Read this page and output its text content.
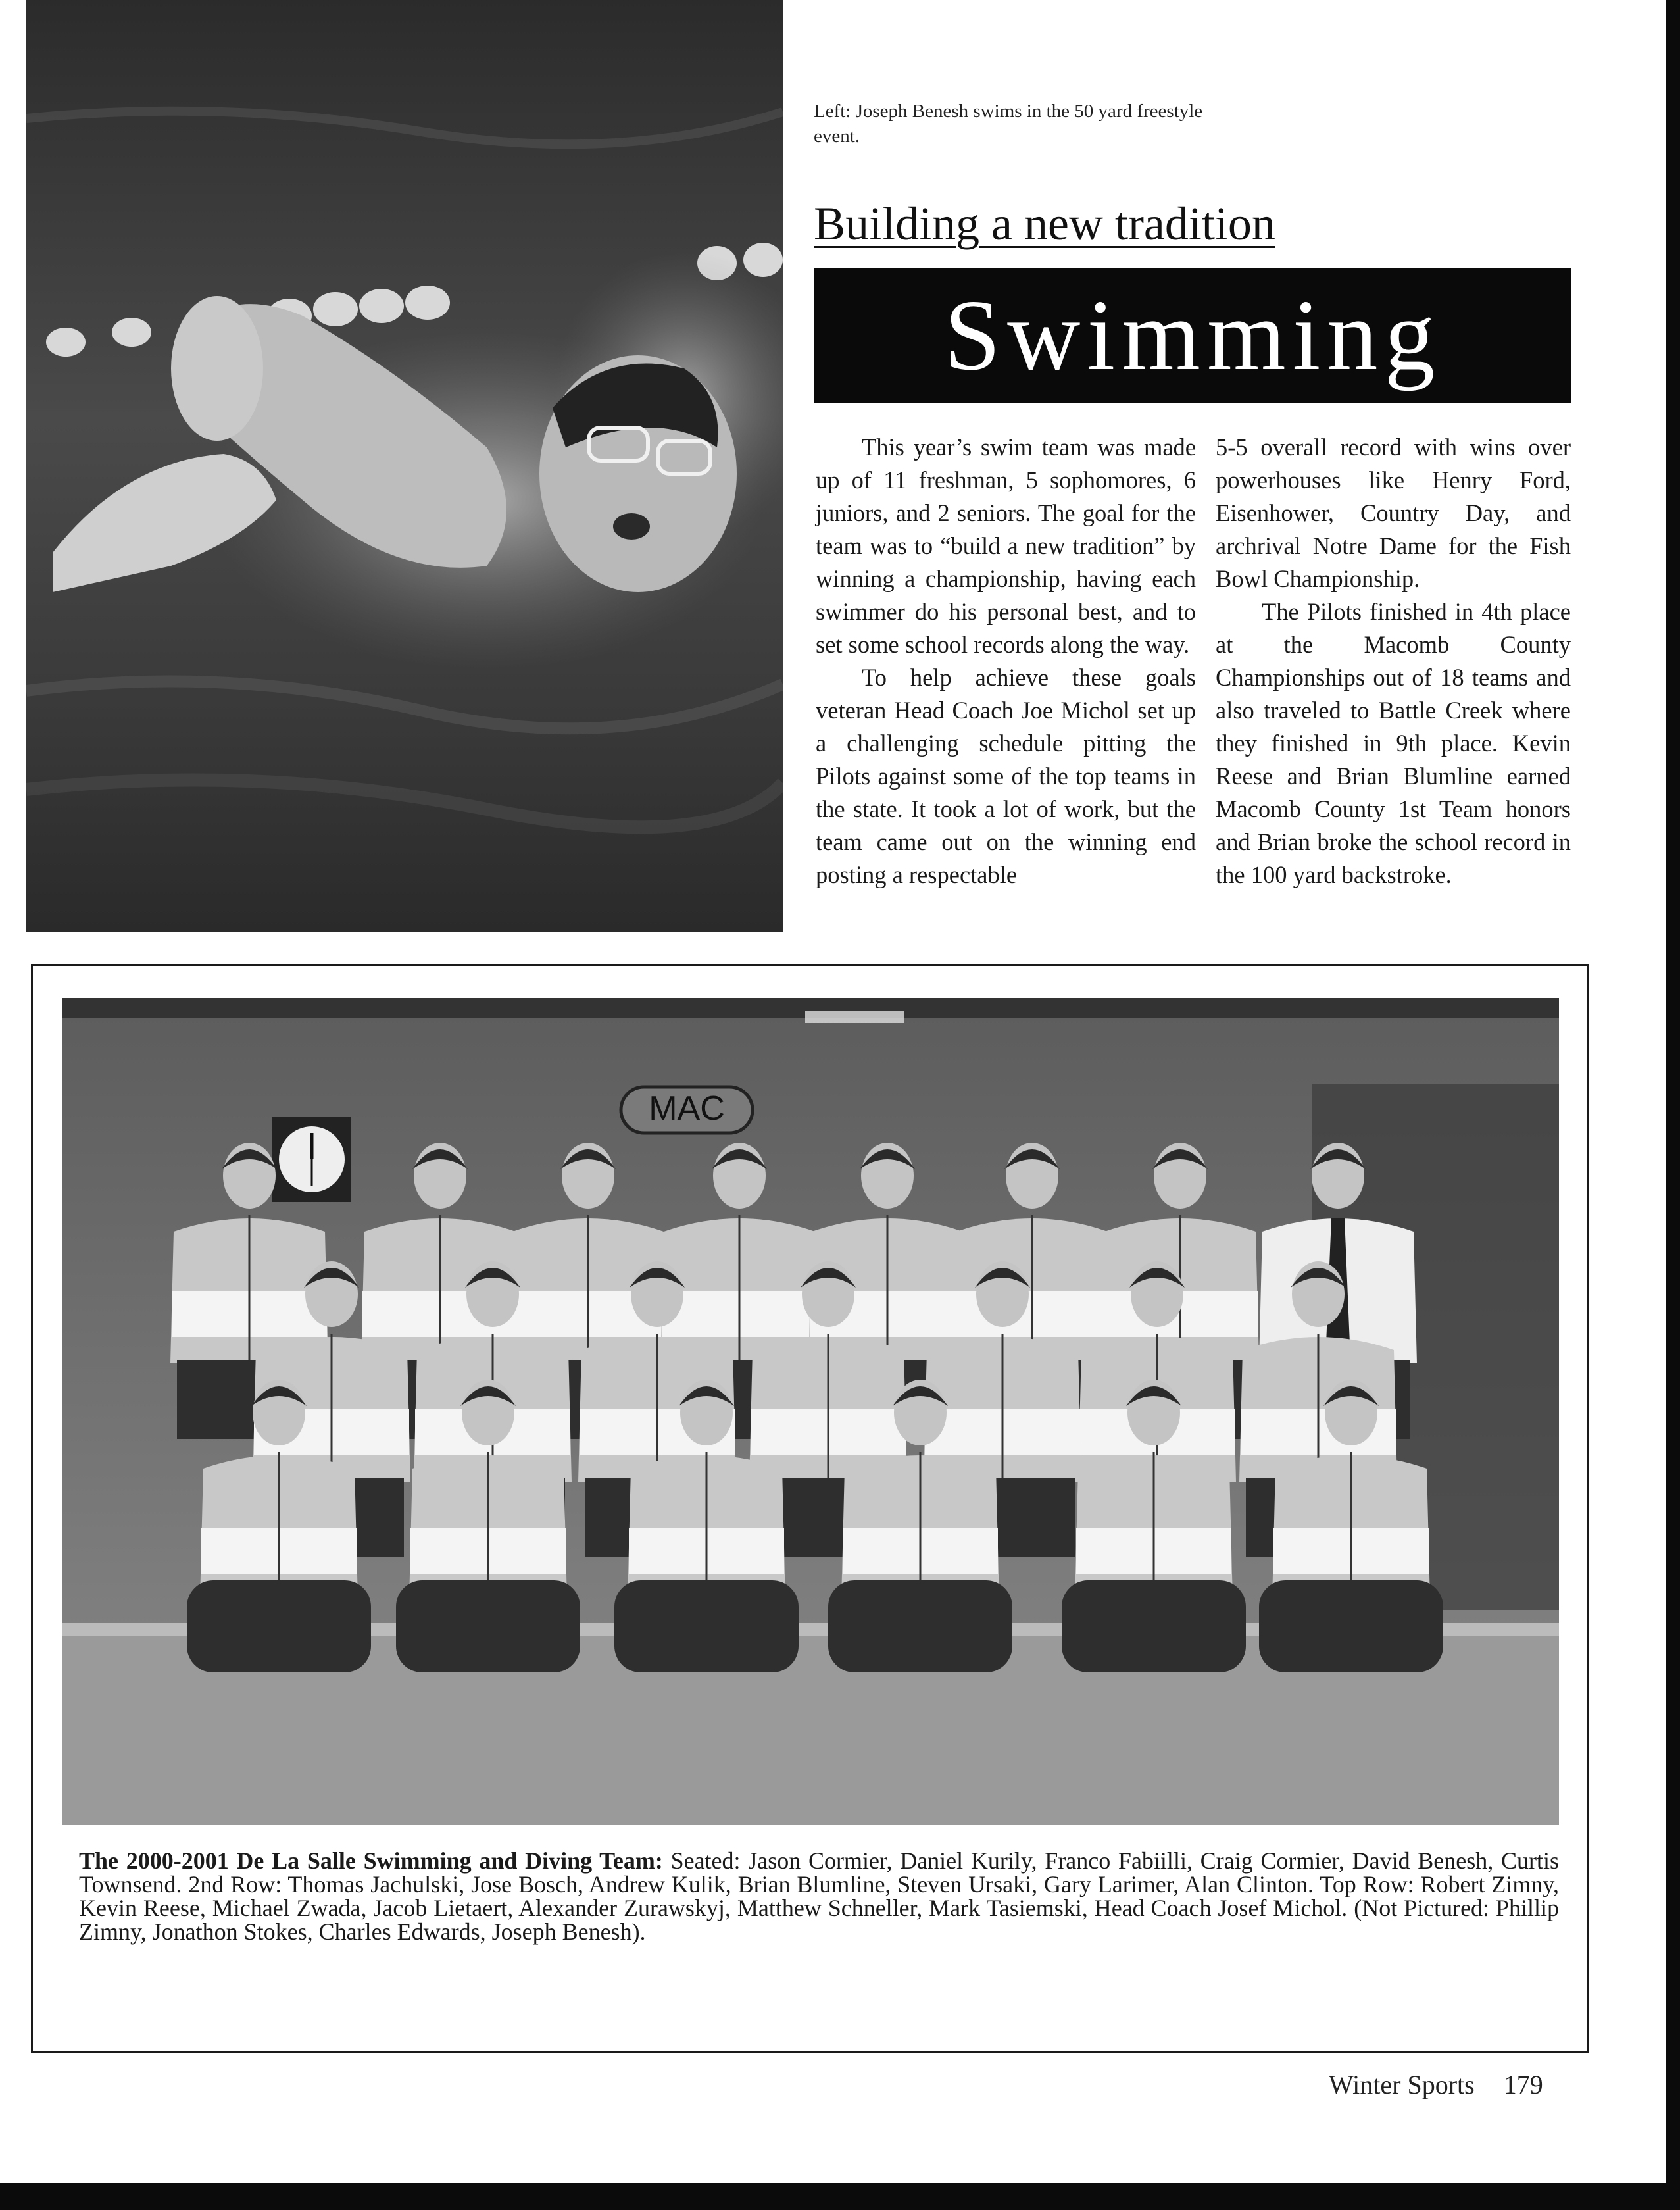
Left: Joseph Benesh swims in the 50 yard freestyle event.
Building a new tradition
Swimming

This year’s swim team was made up of 11 freshman, 5 sophomores, 6 juniors, and 2 seniors. The goal for the team was to “build a new tradition” by winning a championship, having each swimmer do his personal best, and to set some school records along the way.

To help achieve these goals veteran Head Coach Joe Michol set up a challenging schedule pitting the Pilots against some of the top teams in the state. It took a lot of work, but the team came out on the winning end posting a respectable

5-5 overall record with wins over powerhouses like Henry Ford, Eisenhower, Country Day, and archrival Notre Dame for the Fish Bowl Championship.

The Pilots finished in 4th place at the Macomb County Championships out of 18 teams and also traveled to Battle Creek where they finished in 9th place. Kevin Reese and Brian Blumline earned Macomb County 1st Team honors and Brian broke the school record in the 100 yard backstroke.

MAC
The 2000-2001 De La Salle Swimming and Diving Team: Seated: Jason Cormier, Daniel Kurily, Franco Fabiilli, Craig Cormier, David Benesh, Curtis Townsend. 2nd Row: Thomas Jachulski, Jose Bosch, Andrew Kulik, Brian Blumline, Steven Ursaki, Gary Larimer, Alan Clinton. Top Row: Robert Zimny, Kevin Reese, Michael Zwada, Jacob Lietaert, Alexander Zurawskyj, Matthew Schneller, Mark Tasiemski, Head Coach Josef Michol. (Not Pictured: Phillip Zimny, Jonathon Stokes, Charles Edwards, Joseph Benesh).
Winter Sports 179
